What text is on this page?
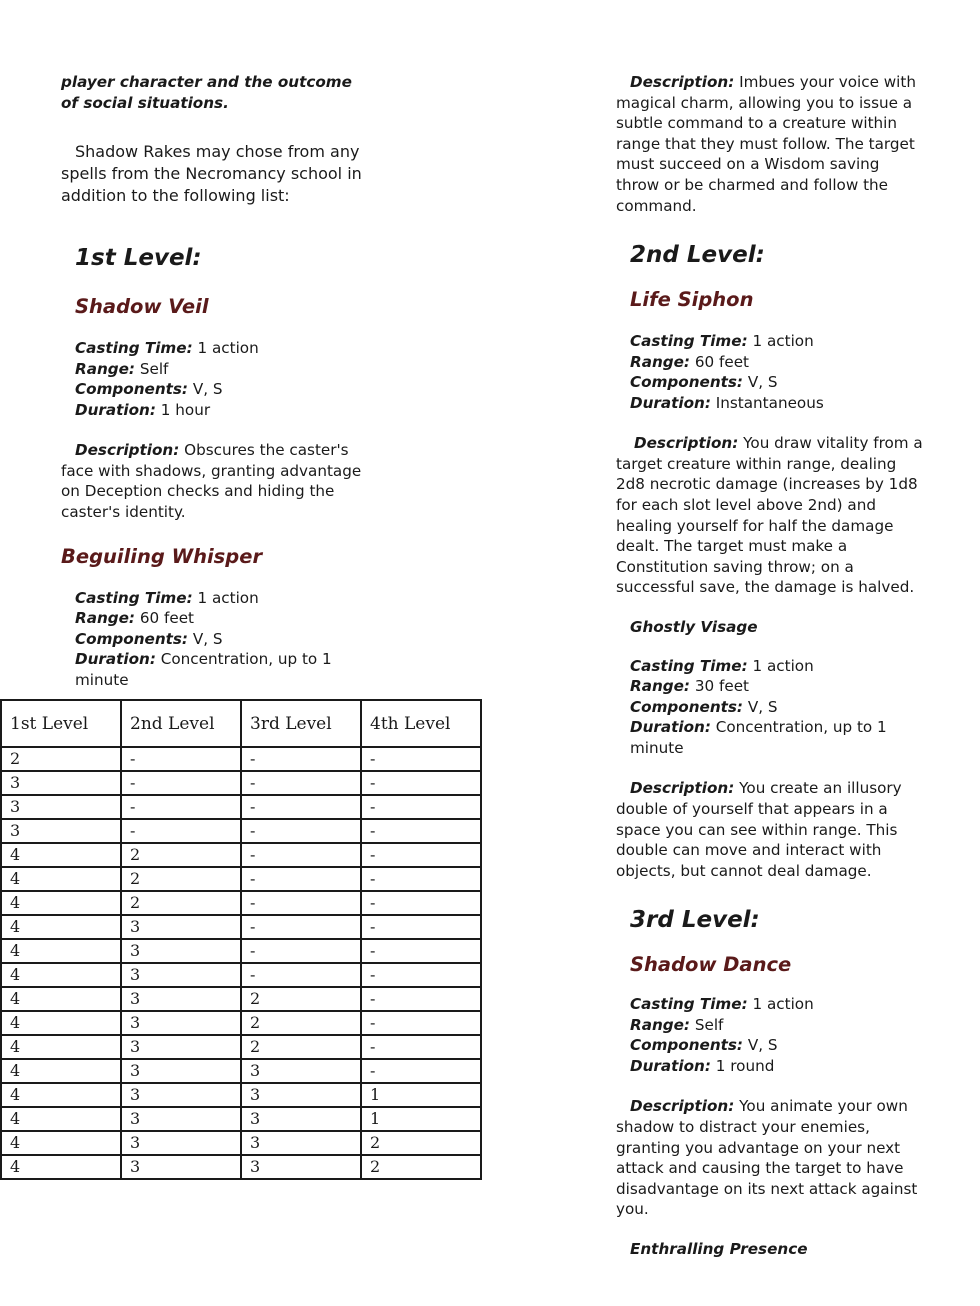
player character and the outcome of social situations.

Shadow Rakes may chose from any spells from the Necromancy school in addition to the following list:

1st Level:
Shadow Veil

Casting Time: 1 action

Range: Self

Components: V, S

Duration: 1 hour

Description: Obscures the caster's face with shadows, granting advantage on Deception checks and hiding the caster's identity.

Beguiling Whisper

Casting Time: 1 action

Range: 60 feet

Components: V, S

Duration: Concentration, up to 1 minute

1st Level	2nd Level	3rd Level	4th Level
2	-	-	-
3	-	-	-
3	-	-	-
3	-	-	-
4	2	-	-
4	2	-	-
4	2	-	-
4	3	-	-
4	3	-	-
4	3	-	-
4	3	2	-
4	3	2	-
4	3	2	-
4	3	3	-
4	3	3	1
4	3	3	1
4	3	3	2
4	3	3	2

Description: Imbues your voice with magical charm, allowing you to issue a subtle command to a creature within range that they must follow. The target must succeed on a Wisdom saving throw or be charmed and follow the command.

2nd Level:
Life Siphon

Casting Time: 1 action

Range: 60 feet

Components: V, S

Duration: Instantaneous

Description: You draw vitality from a target creature within range, dealing 2d8 necrotic damage (increases by 1d8 for each slot level above 2nd) and healing yourself for half the damage dealt. The target must make a Constitution saving throw; on a successful save, the damage is halved.

Ghostly Visage

Casting Time: 1 action

Range: 30 feet

Components: V, S

Duration: Concentration, up to 1 minute

Description: You create an illusory double of yourself that appears in a space you can see within range. This double can move and interact with objects, but cannot deal damage.

3rd Level:
Shadow Dance

Casting Time: 1 action

Range: Self

Components: V, S

Duration: 1 round

Description: You animate your own shadow to distract your enemies, granting you advantage on your next attack and causing the target to have disadvantage on its next attack against you.

Enthralling Presence
